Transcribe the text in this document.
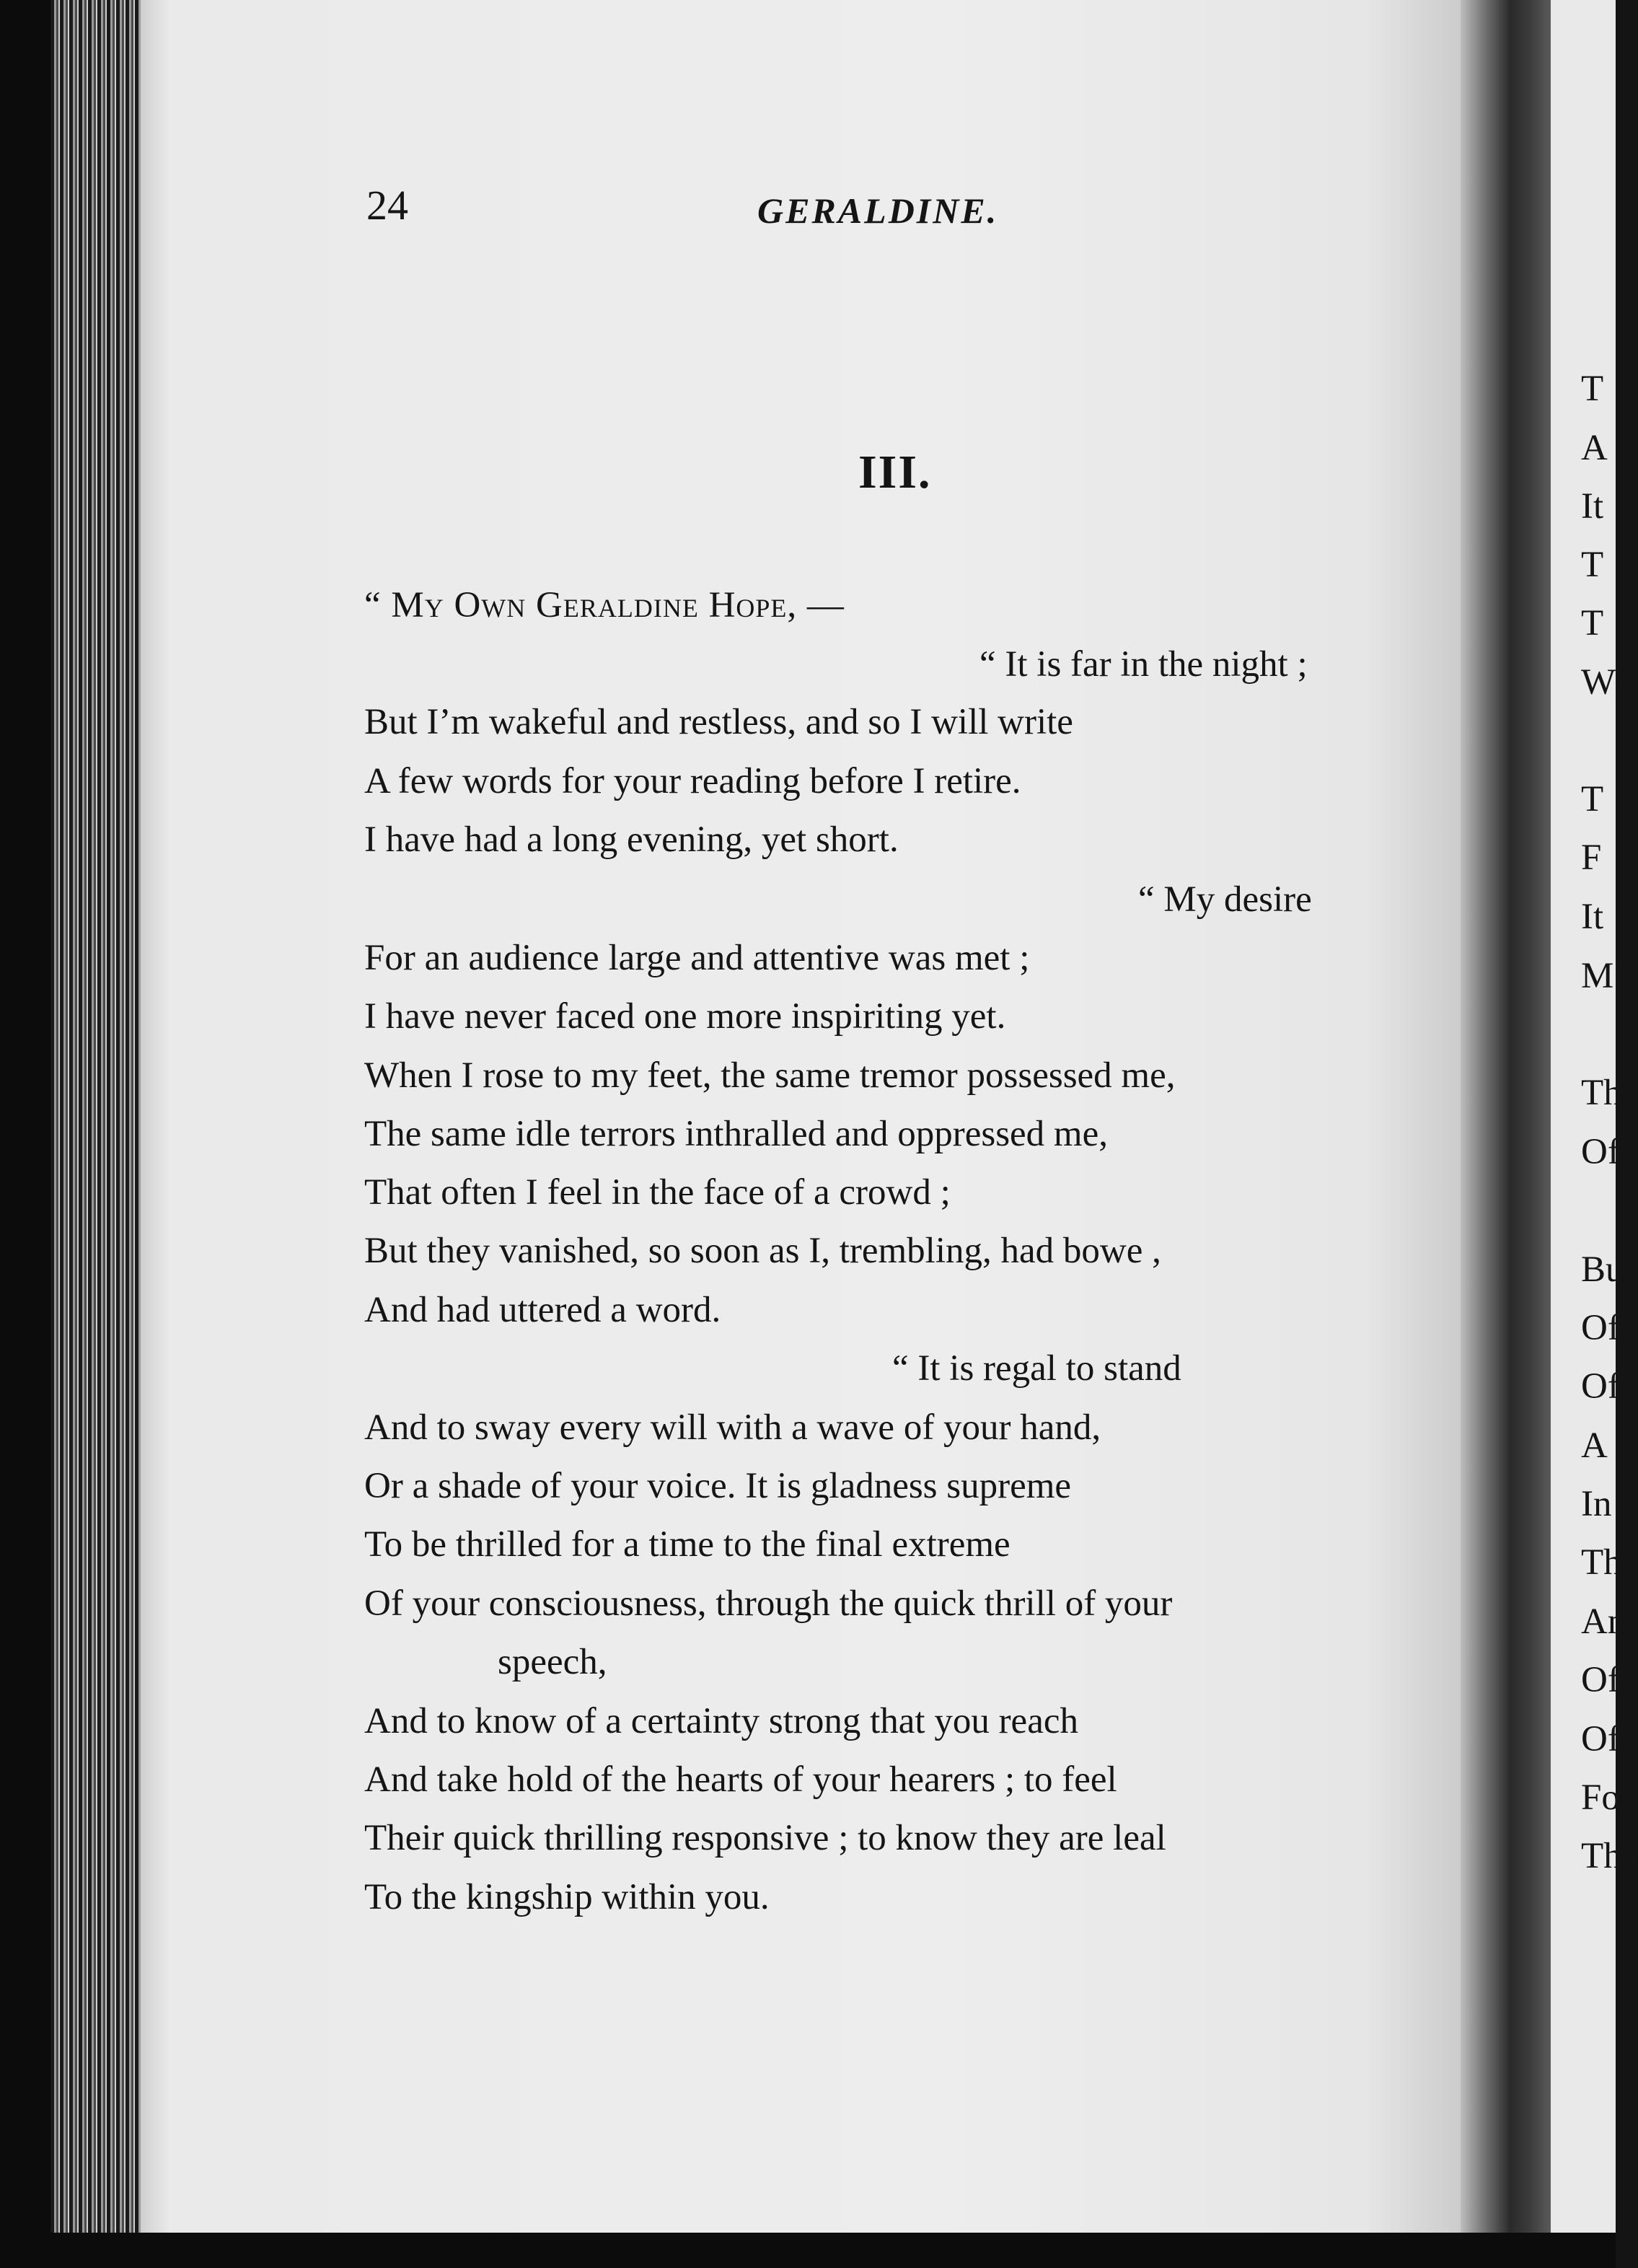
24	GERALDINE.
III.
“ My Own Geraldine Hope, —
“ It is far in the night ;
But I’m wakeful and restless, and so I will write
A few words for your reading before I retire.
I have had a long evening, yet short.
“ My desire
For an audience large and attentive was met ;
I have never faced one more inspiriting yet.
When I rose to my feet, the same tremor possessed me,
The same idle terrors inthralled and oppressed me,
That often I feel in the face of a crowd ;
But they vanished, so soon as I, trembling, had bowe ,
And had uttered a word.
“ It is regal to stand
And to sway every will with a wave of your hand,
Or a shade of your voice. It is gladness supreme
To be thrilled for a time to the final extreme
Of your consciousness, through the quick thrill of your
speech,
And to know of a certainty strong that you reach
And take hold of the hearts of your hearers ; to feel
Their quick thrilling responsive ; to know they are leal
To the kingship within you.
T
A
It
T
T
W
T
F
It
M
Th
Of
Bu
Of
Of
A
In
Th
An
Of
Of
For
Tha
